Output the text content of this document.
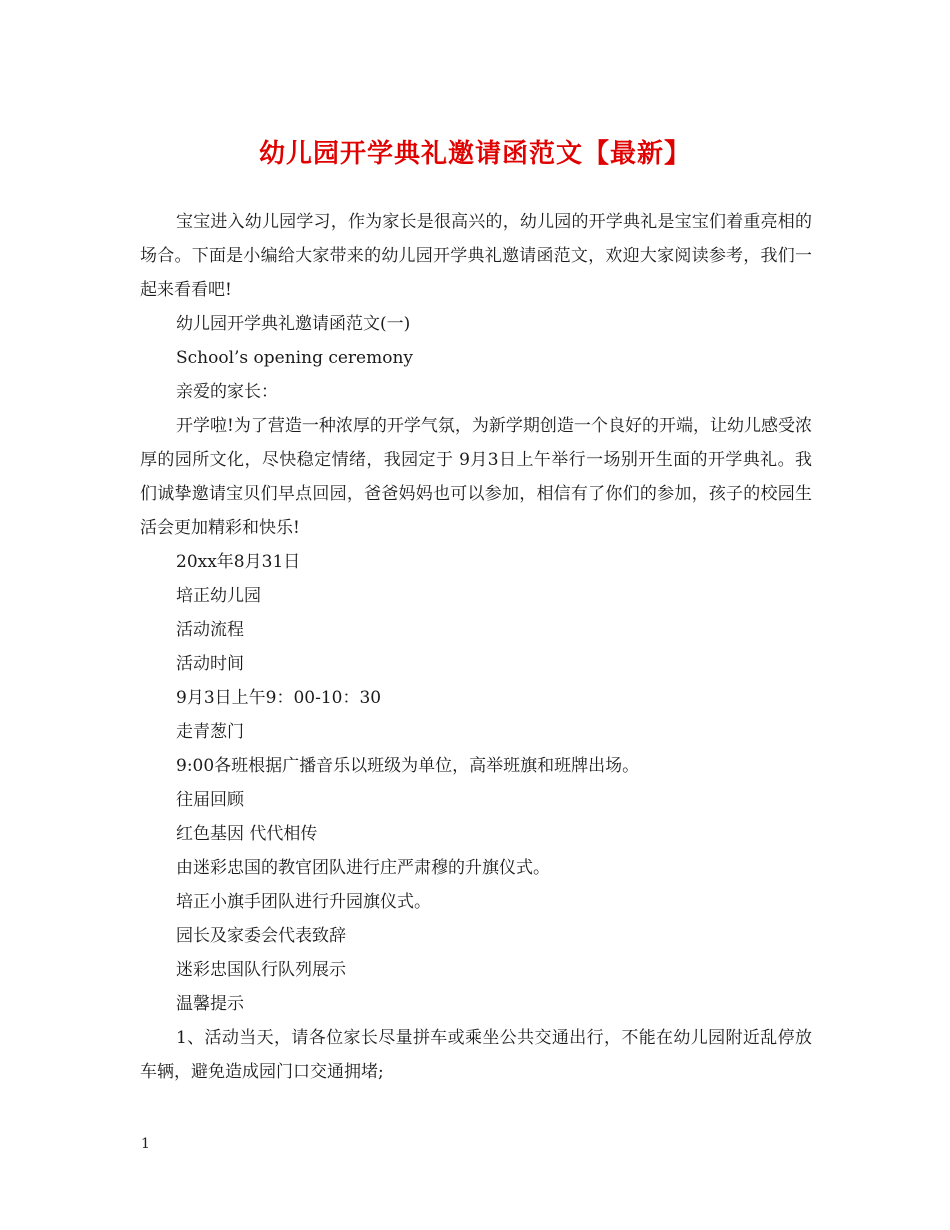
幼儿园开学典礼邀请函范文【最新】

宝宝进入幼儿园学习，作为家长是很高兴的，幼儿园的开学典礼是宝宝们着重亮相的场合。下面是小编给大家带来的幼儿园开学典礼邀请函范文，欢迎大家阅读参考，我们一起来看看吧!

幼儿园开学典礼邀请函范文(一)

School’s opening ceremony

亲爱的家长：

开学啦!为了营造一种浓厚的开学气氛，为新学期创造一个良好的开端，让幼儿感受浓厚的园所文化，尽快稳定情绪，我园定于 9月3日上午举行一场别开生面的开学典礼。我们诚挚邀请宝贝们早点回园，爸爸妈妈也可以参加，相信有了你们的参加，孩子的校园生活会更加精彩和快乐!

20xx年8月31日

培正幼儿园

活动流程

活动时间

9月3日上午9：00-10：30

走青葱门

9:00各班根据广播音乐以班级为单位，高举班旗和班牌出场。

往届回顾

红色基因 代代相传

由迷彩忠国的教官团队进行庄严肃穆的升旗仪式。

培正小旗手团队进行升园旗仪式。

园长及家委会代表致辞

迷彩忠国队行队列展示

温馨提示

1、活动当天，请各位家长尽量拼车或乘坐公共交通出行，不能在幼儿园附近乱停放车辆，避免造成园门口交通拥堵;

1
